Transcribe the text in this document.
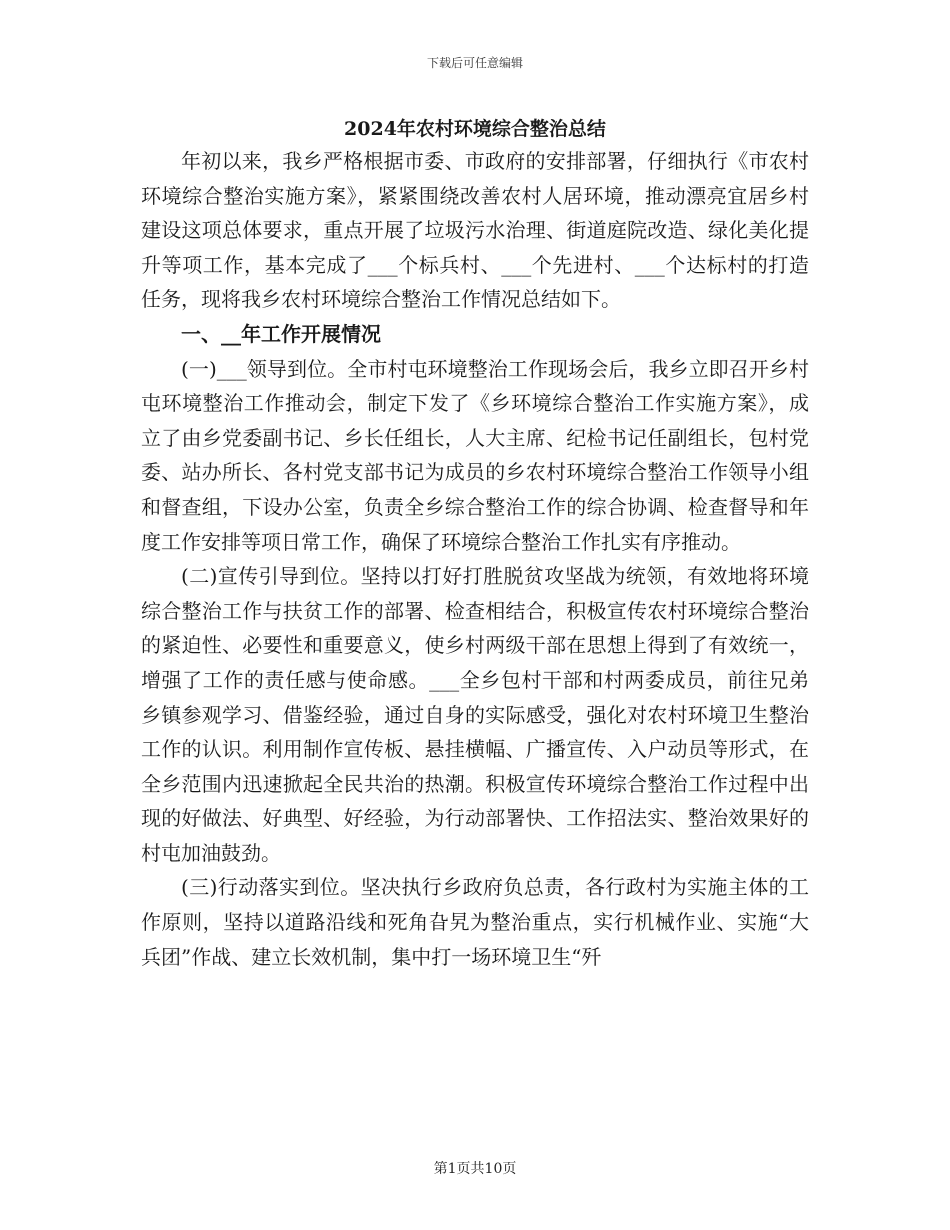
下载后可任意编辑
2024年农村环境综合整治总结

年初以来，我乡严格根据市委、市政府的安排部署，仔细执行《市农村环境综合整治实施方案》，紧紧围绕改善农村人居环境，推动漂亮宜居乡村建设这项总体要求，重点开展了垃圾污水治理、街道庭院改造、绿化美化提升等项工作，基本完成了___个标兵村、___个先进村、___个达标村的打造任务，现将我乡农村环境综合整治工作情况总结如下。

一、__年工作开展情况

(一)___领导到位。全市村屯环境整治工作现场会后，我乡立即召开乡村屯环境整治工作推动会，制定下发了《乡环境综合整治工作实施方案》，成立了由乡党委副书记、乡长任组长，人大主席、纪检书记任副组长，包村党委、站办所长、各村党支部书记为成员的乡农村环境综合整治工作领导小组和督查组，下设办公室，负责全乡综合整治工作的综合协调、检查督导和年度工作安排等项日常工作，确保了环境综合整治工作扎实有序推动。

(二)宣传引导到位。坚持以打好打胜脱贫攻坚战为统领，有效地将环境综合整治工作与扶贫工作的部署、检查相结合，积极宣传农村环境综合整治的紧迫性、必要性和重要意义，使乡村两级干部在思想上得到了有效统一，增强了工作的责任感与使命感。___全乡包村干部和村两委成员，前往兄弟乡镇参观学习、借鉴经验，通过自身的实际感受，强化对农村环境卫生整治工作的认识。利用制作宣传板、悬挂横幅、广播宣传、入户动员等形式，在全乡范围内迅速掀起全民共治的热潮。积极宣传环境综合整治工作过程中出现的好做法、好典型、好经验，为行动部署快、工作招法实、整治效果好的村屯加油鼓劲。

(三)行动落实到位。坚决执行乡政府负总责，各行政村为实施主体的工作原则，坚持以道路沿线和死角旮旯为整治重点，实行机械作业、实施“大兵团”作战、建立长效机制，集中打一场环境卫生“歼

第1页共10页
